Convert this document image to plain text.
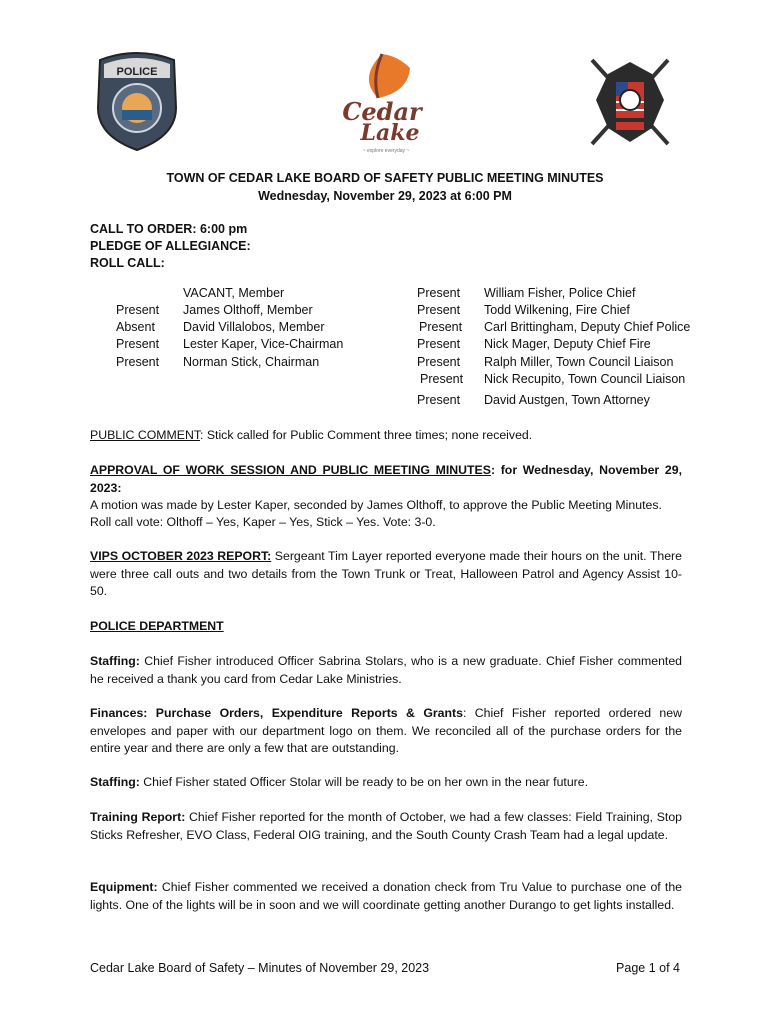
POLICE
Cedar
Lake
~ explore everyday ~
TOWN OF CEDAR LAKE BOARD OF SAFETY PUBLIC MEETING MINUTES
Wednesday, November 29, 2023 at 6:00 PM
CALL TO ORDER: 6:00 pm
PLEDGE OF ALLEGIANCE:
ROLL CALL:
VACANT, Member
Present James Olthoff, Member
Absent David Villalobos, Member
Present Lester Kaper, Vice-Chairman
Present Norman Stick, Chairman
Present William Fisher, Police Chief
Present Todd Wilkening, Fire Chief
Present Carl Brittingham, Deputy Chief Police
Present Nick Mager, Deputy Chief Fire
Present Ralph Miller, Town Council Liaison
Present Nick Recupito, Town Council Liaison
Present David Austgen, Town Attorney
PUBLIC COMMENT: Stick called for Public Comment three times; none received.
APPROVAL OF WORK SESSION AND PUBLIC MEETING MINUTES: for Wednesday, November 29, 2023:
A motion was made by Lester Kaper, seconded by James Olthoff, to approve the Public Meeting Minutes.
Roll call vote: Olthoff – Yes, Kaper – Yes, Stick – Yes. Vote: 3-0.
VIPS OCTOBER 2023 REPORT: Sergeant Tim Layer reported everyone made their hours on the unit. There were three call outs and two details from the Town Trunk or Treat, Halloween Patrol and Agency Assist 10-50.
POLICE DEPARTMENT
Staffing: Chief Fisher introduced Officer Sabrina Stolars, who is a new graduate. Chief Fisher commented he received a thank you card from Cedar Lake Ministries.
Finances: Purchase Orders, Expenditure Reports & Grants: Chief Fisher reported ordered new envelopes and paper with our department logo on them. We reconciled all of the purchase orders for the entire year and there are only a few that are outstanding.
Staffing: Chief Fisher stated Officer Stolar will be ready to be on her own in the near future.
Training Report: Chief Fisher reported for the month of October, we had a few classes: Field Training, Stop Sticks Refresher, EVO Class, Federal OIG training, and the South County Crash Team had a legal update.
Equipment: Chief Fisher commented we received a donation check from Tru Value to purchase one of the lights. One of the lights will be in soon and we will coordinate getting another Durango to get lights installed.
Cedar Lake Board of Safety – Minutes of November 29, 2023	Page 1 of 4
